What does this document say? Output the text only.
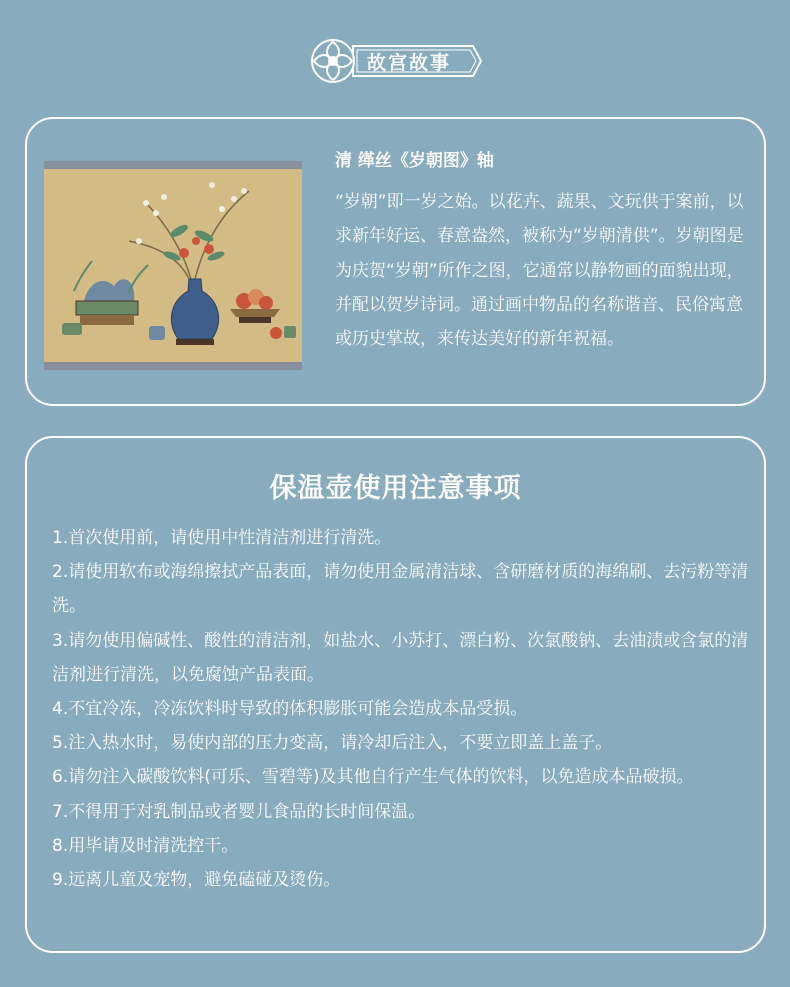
故宫故事
清 缂丝《岁朝图》轴
“岁朝”即一岁之始。以花卉、蔬果、文玩供于案前，以求新年好运、春意盎然，被称为“岁朝清供”。岁朝图是为庆贺“岁朝”所作之图，它通常以静物画的面貌出现，并配以贺岁诗词。通过画中物品的名称谐音、民俗寓意或历史掌故，来传达美好的新年祝福。
保温壶使用注意事项
1.首次使用前，请使用中性清洁剂进行清洗。
2.请使用软布或海绵擦拭产品表面，请勿使用金属清洁球、含研磨材质的海绵刷、去污粉等清洗。
3.请勿使用偏碱性、酸性的清洁剂，如盐水、小苏打、漂白粉、次氯酸钠、去油渍或含氯的清洁剂进行清洗，以免腐蚀产品表面。
4.不宜冷冻，冷冻饮料时导致的体积膨胀可能会造成本品受损。
5.注入热水时，易使内部的压力变高，请冷却后注入，不要立即盖上盖子。
6.请勿注入碳酸饮料(可乐、雪碧等)及其他自行产生气体的饮料，以免造成本品破损。
7.不得用于对乳制品或者婴儿食品的长时间保温。
8.用毕请及时清洗控干。
9.远离儿童及宠物，避免磕碰及烫伤。
